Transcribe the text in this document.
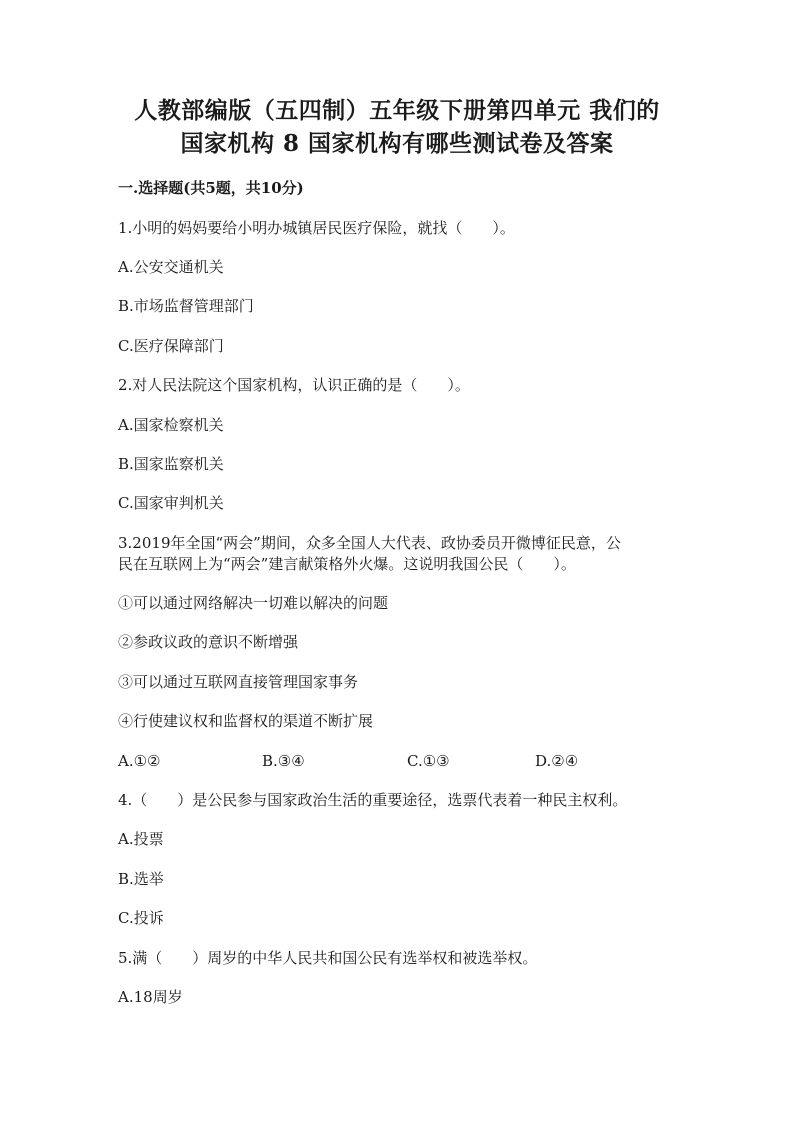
人教部编版（五四制）五年级下册第四单元 我们的
国家机构 8 国家机构有哪些测试卷及答案
一.选择题(共5题，共10分)
1.小明的妈妈要给小明办城镇居民医疗保险，就找（　　）。
A.公安交通机关
B.市场监督管理部门
C.医疗保障部门
2.对人民法院这个国家机构，认识正确的是（　　）。
A.国家检察机关
B.国家监察机关
C.国家审判机关
3.2019年全国“两会”期间，众多全国人大代表、政协委员开微博征民意，公
民在互联网上为“两会”建言献策格外火爆。这说明我国公民（　　）。
①可以通过网络解决一切难以解决的问题
②参政议政的意识不断增强
③可以通过互联网直接管理国家事务
④行使建议权和监督权的渠道不断扩展
A.①②	B.③④	C.①③	D.②④
4.（　　）是公民参与国家政治生活的重要途径，选票代表着一种民主权利。
A.投票
B.选举
C.投诉
5.满（　　）周岁的中华人民共和国公民有选举权和被选举权。
A.18周岁
